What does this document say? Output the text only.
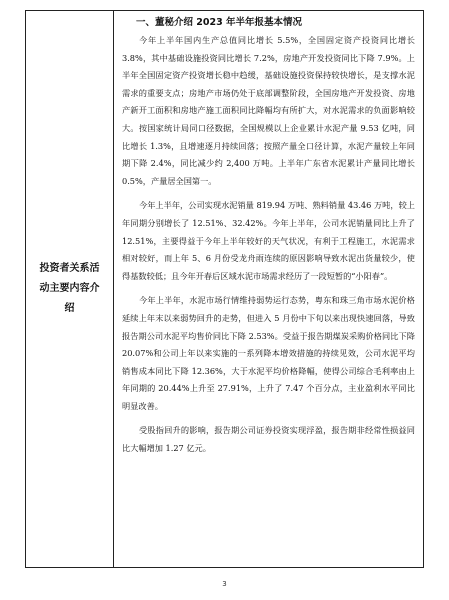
投资者关系活动主要内容介绍
一、董秘介绍 2023 年半年报基本情况

今年上半年国内生产总值同比增长 5.5%，全国固定资产投资同比增长 3.8%，其中基础设施投资同比增长 7.2%，房地产开发投资同比下降 7.9%。上半年全国固定资产投资增长稳中趋缓，基础设施投资保持较快增长，是支撑水泥需求的重要支点；房地产市场仍处于底部调整阶段，全国房地产开发投资、房地产新开工面积和房地产施工面积同比降幅均有所扩大，对水泥需求的负面影响较大。按国家统计局同口径数据，全国规模以上企业累计水泥产量 9.53 亿吨，同比增长 1.3%，且增速逐月持续回落；按照产量全口径计算，水泥产量较上年同期下降 2.4%，同比减少约 2,400 万吨。上半年广东省水泥累计产量同比增长 0.5%，产量居全国第一。

今年上半年，公司实现水泥销量 819.94 万吨、熟料销量 43.46 万吨，较上年同期分别增长了 12.51%、32.42%。今年上半年，公司水泥销量同比上升了 12.51%，主要得益于今年上半年较好的天气状况，有利于工程施工，水泥需求相对较好，而上年 5、6 月份受龙舟雨连续的原因影响导致水泥出货量较少，使得基数较低；且今年开春后区域水泥市场需求经历了一段短暂的“小阳春”。

今年上半年，水泥市场行情维持弱势运行态势，粤东和珠三角市场水泥价格延续上年末以来弱势回升的走势，但进入 5 月份中下旬以来出现快速回落，导致报告期公司水泥平均售价同比下降 2.53%。受益于报告期煤炭采购价格同比下降 20.07%和公司上年以来实施的一系列降本增效措施的持续见效，公司水泥平均销售成本同比下降 12.36%，大于水泥平均价格降幅，使得公司综合毛利率由上年同期的 20.44%上升至 27.91%，上升了 7.47 个百分点，主业盈利水平同比明显改善。

受股指回升的影响，报告期公司证券投资实现浮盈，报告期非经常性损益同比大幅增加 1.27 亿元。

3
